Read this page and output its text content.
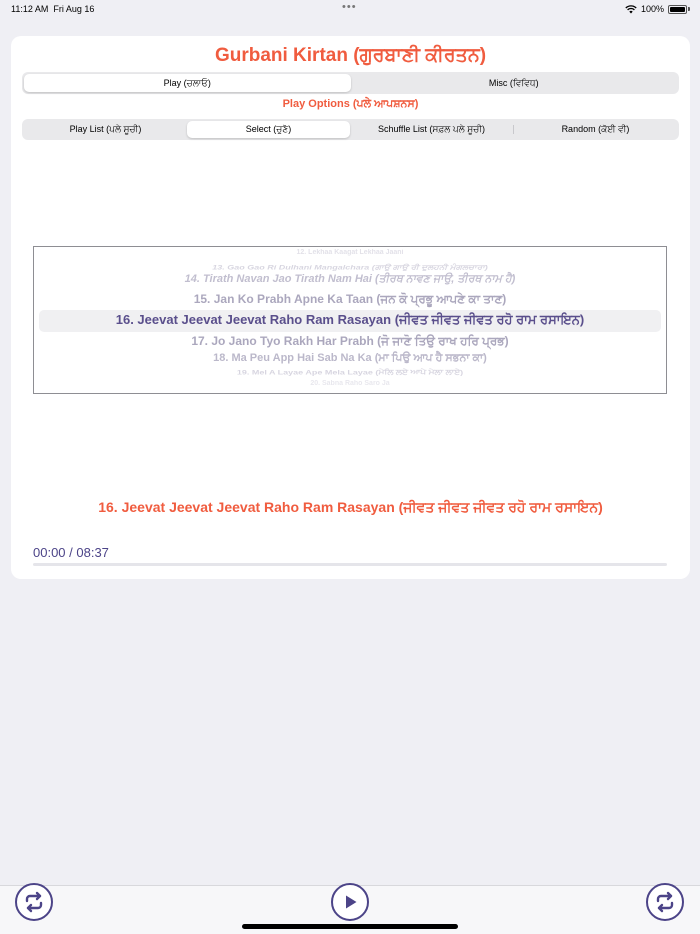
11:12 AM Fri Aug 16	•••	100%
Gurbani Kirtan (ਗੁਰਬਾਣੀ ਕੀਰਤਨ)
Play (ਚਲਾਓ)	Misc (ਵਿਵਿਧ)
Play Options (ਪਲੇ ਆਪਸ਼ਨਸ)
Play List (ਪਲੇ ਸੂਚੀ)	Select (ਚੁਣੋ)	Schuffle List (ਸਫ਼ਲ ਪਲੇ ਸੂਚੀ)	Random (ਕੋਈ ਵੀ)
12. Lekhaa Kaagat Lekhaa Jaani
13. Gao Gao Ri Dulhani Mangalchara (ਗਾਉ ਗਾਉ ਰੀ ਦੁਲਹਨੀ ਮੰਗਲਚਾਰਾ)
14. Tirath Navan Jao Tirath Nam Hai (ਤੀਰਥ ਨਾਵਣ ਜਾਉ, ਤੀਰਥ ਨਾਮ ਹੈ)
15. Jan Ko Prabh Apne Ka Taan (ਜਨ ਕੋ ਪ੍ਰਭੂ ਆਪਣੇ ਕਾ ਤਾਣ)
16. Jeevat Jeevat Jeevat Raho Ram Rasayan (ਜੀਵਤ ਜੀਵਤ ਜੀਵਤ ਰਹੋ ਰਾਮ ਰਸਾਇਨ)
17. Jo Jano Tyo Rakh Har Prabh (ਜੋ ਜਾਣੋ ਤਿਉ ਰਾਖ ਹਰਿ ਪ੍ਰਭ)
18. Ma Peu App Hai Sab Na Ka (ਮਾ ਪਿਉ ਆਪ ਹੈ ਸਭਨਾ ਕਾ)
19. Mel A Layae Ape Mela Layae (ਮੇਲਿ ਲਏ ਆਪੇ ਮੇਲਾ ਲਾਏ)
20. Sabna Raho Saro Ja
16. Jeevat Jeevat Jeevat Raho Ram Rasayan (ਜੀਵਤ ਜੀਵਤ ਜੀਵਤ ਰਹੋ ਰਾਮ ਰਸਾਇਨ)
00:00 / 08:37
